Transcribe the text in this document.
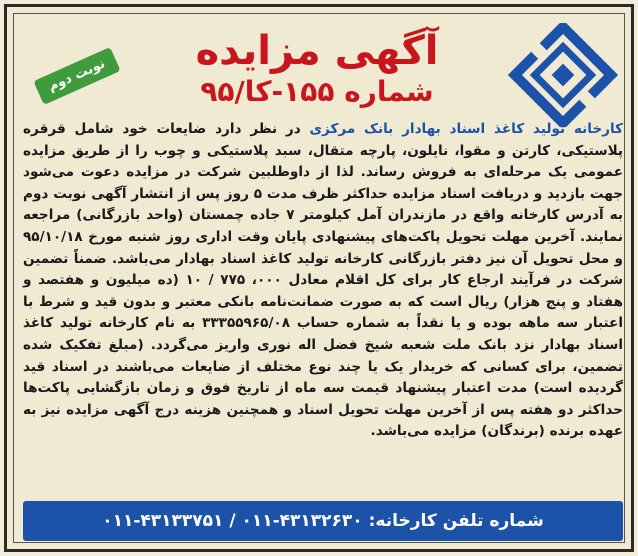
آگهی مزایده
شماره ۱۵۵-کا/۹۵
نوبت دوم
کارخانه تولید کاغذ اسناد بهادار بانک مرکزی در نظر دارد ضایعات خود شامل قرقره پلاستیکی، کارتن و مقوا، نایلون، پارچه متقال، سبد پلاستیکی و چوب را از طریق مزایده عمومی یک مرحله‌ای به فروش رساند. لذا از داوطلبین شرکت در مزایده دعوت می‌شود جهت بازدید و دریافت اسناد مزایده حداکثر ظرف مدت ۵ روز پس از انتشار آگهی نوبت دوم به آدرس کارخانه واقع در مازندران آمل کیلومتر ۷ جاده چمستان (واحد بازرگانی) مراجعه نمایند. آخرین مهلت تحویل پاکت‌های پیشنهادی پایان وقت اداری روز شنبه مورخ ۹۵/۱۰/۱۸ و محل تحویل آن نیز دفتر بازرگانی کارخانه تولید کاغذ اسناد بهادار می‌باشد. ضمناً تضمین شرکت در فرآیند ارجاع کار برای کل اقلام معادل ۰۰۰، ۷۷۵ / ۱۰ (ده میلیون و هفتصد و هفتاد و پنج هزار) ریال است که به صورت ضمانت‌نامه بانکی معتبر و بدون قید و شرط با اعتبار سه ماهه بوده و یا نقداً به شماره حساب ۳۳۳۵۵۹۶۵/۰۸ به نام کارخانه تولید کاغذ اسناد بهادار نزد بانک ملت شعبه شیخ فضل اله نوری واریز می‌گردد. (مبلغ تفکیک شده تضمین، برای کسانی که خریدار یک یا چند نوع مختلف از ضایعات می‌باشند در اسناد قید گردیده است) مدت اعتبار پیشنهاد قیمت سه ماه از تاریخ فوق و زمان بازگشایی پاکت‌ها حداکثر دو هفته پس از آخرین مهلت تحویل اسناد و همچنین هزینه درج آگهی مزایده نیز به عهده برنده (برندگان) مزایده می‌باشد.
شماره تلفن کارخانه: ۴۳۱۳۲۶۳۰-۰۱۱ / ۴۳۱۳۳۷۵۱-۰۱۱
